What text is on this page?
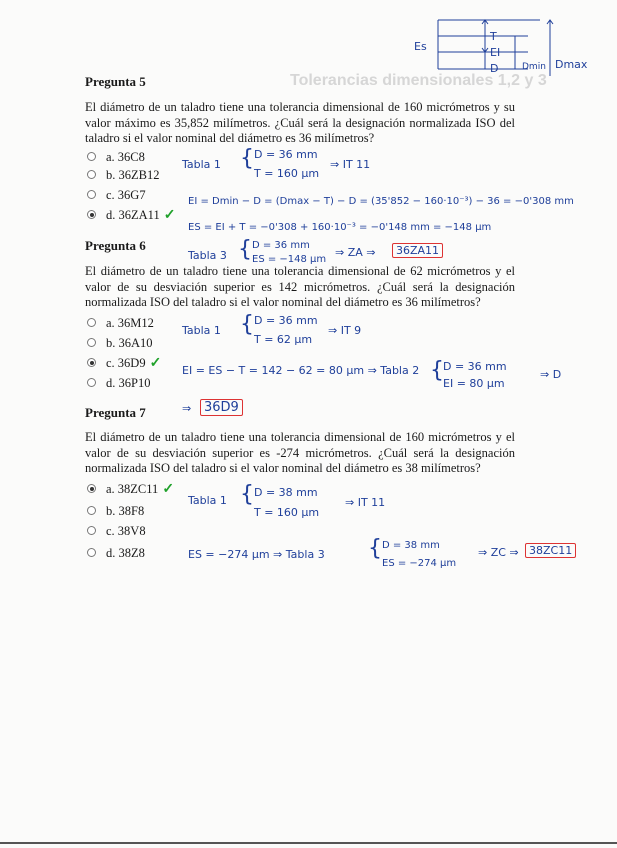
Tolerancias dimensionales 1,2 y 3
Es
T
EI
D	Dmin Dmax
Pregunta 5
El diámetro de un taladro tiene una tolerancia dimensional de 160 micrómetros y su valor máximo es 35,852 milímetros. ¿Cuál será la designación normalizada ISO del taladro si el valor nominal del diámetro es 36 milímetros?
a. 36C8
b. 36ZB12
c. 36G7
d. 36ZA11 ✓
Tabla 1 { D = 36 mm
T = 160 µm
⇒ IT 11
EI = Dmin − D = (Dmax − T) − D = (35'852 − 160·10⁻³) − 36 = −0'308 mm
ES = EI + T = −0'308 + 160·10⁻³ = −0'148 mm = −148 µm
Tabla 3 { D = 36 mm
ES = −148 µm
⇒ ZA ⇒	36ZA11
Pregunta 6
El diámetro de un taladro tiene una tolerancia dimensional de 62 micrómetros y el valor de su desviación superior es 142 micrómetros. ¿Cuál será la designación normalizada ISO del taladro si el valor nominal del diámetro es 36 milímetros?
a. 36M12
b. 36A10
c. 36D9 ✓
d. 36P10
Tabla 1 { D = 36 mm
T = 62 µm
⇒ IT 9
EI = ES − T = 142 − 62 = 80 µm ⇒ Tabla 2 { D = 36 mm
EI = 80 µm
⇒ D
⇒ 36D9
Pregunta 7
El diámetro de un taladro tiene una tolerancia dimensional de 160 micrómetros y el valor de su desviación superior es -274 micrómetros. ¿Cuál será la designación normalizada ISO del taladro si el valor nominal del diámetro es 38 milímetros?
a. 38ZC11 ✓
b. 38F8
c. 38V8
d. 38Z8
Tabla 1 { D = 38 mm
T = 160 µm
⇒ IT 11
ES = −274 µm ⇒ Tabla 3 { D = 38 mm
ES = −274 µm
⇒ ZC ⇒ 38ZC11
